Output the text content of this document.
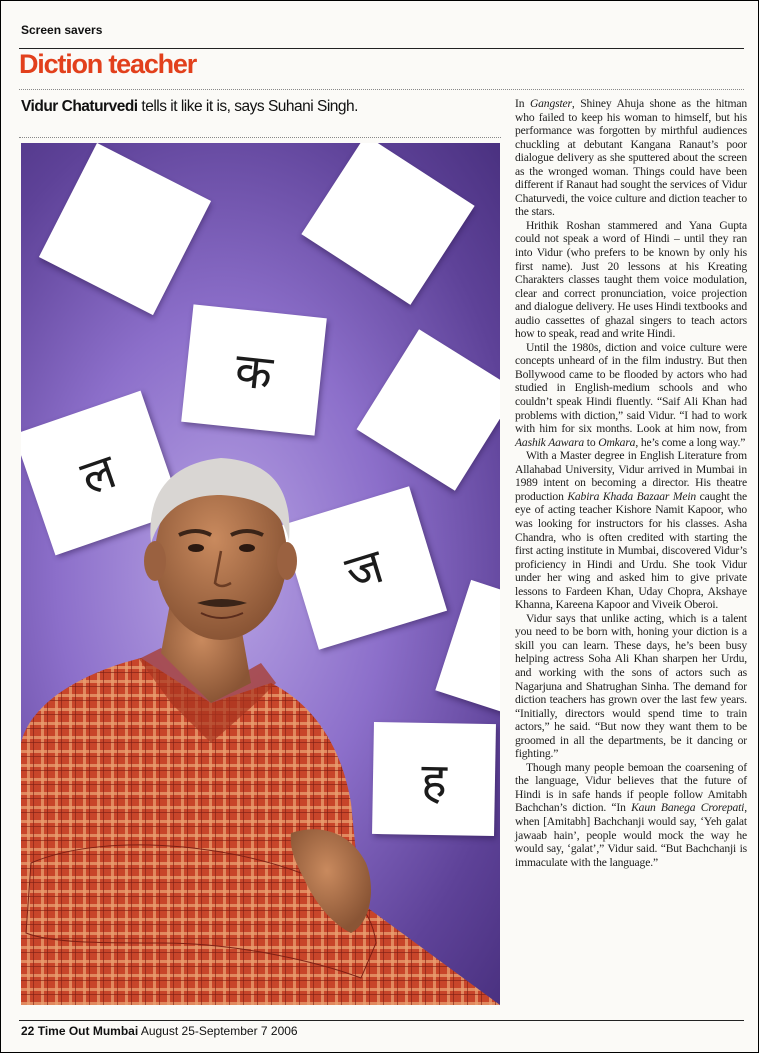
Screen savers
Diction teacher
Vidur Chaturvedi tells it like it is, says Suhani Singh.
क
ल
ज
ह

In Gangster, Shiney Ahuja shone as the hitman who failed to keep his woman to himself, but his performance was forgotten by mirthful audiences chuckling at debutant Kangana Ranaut’s poor dialogue delivery as she sputtered about the screen as the wronged woman. Things could have been different if Ranaut had sought the services of Vidur Chaturvedi, the voice culture and diction teacher to the stars.

Hrithik Roshan stammered and Yana Gupta could not speak a word of Hindi – until they ran into Vidur (who prefers to be known by only his first name). Just 20 lessons at his Kreating Charakters classes taught them voice modulation, clear and correct pronunciation, voice projection and dialogue delivery. He uses Hindi textbooks and audio cassettes of ghazal singers to teach actors how to speak, read and write Hindi.

Until the 1980s, diction and voice culture were concepts unheard of in the film industry. But then Bollywood came to be flooded by actors who had studied in English-medium schools and who couldn’t speak Hindi fluently. “Saif Ali Khan had problems with diction,” said Vidur. “I had to work with him for six months. Look at him now, from Aashik Aawara to Omkara, he’s come a long way.”

With a Master degree in English Literature from Allahabad University, Vidur arrived in Mumbai in 1989 intent on becoming a director. His theatre production Kabira Khada Bazaar Mein caught the eye of acting teacher Kishore Namit Kapoor, who was looking for instructors for his classes. Asha Chandra, who is often credited with starting the first acting institute in Mumbai, discovered Vidur’s proficiency in Hindi and Urdu. She took Vidur under her wing and asked him to give private lessons to Fardeen Khan, Uday Chopra, Akshaye Khanna, Kareena Kapoor and Viveik Oberoi.

Vidur says that unlike acting, which is a talent you need to be born with, honing your diction is a skill you can learn. These days, he’s been busy helping actress Soha Ali Khan sharpen her Urdu, and working with the sons of actors such as Nagarjuna and Shatrughan Sinha. The demand for diction teachers has grown over the last few years. “Initially, directors would spend time to train actors,” he said. “But now they want them to be groomed in all the departments, be it dancing or fighting.”

Though many people bemoan the coarsening of the language, Vidur believes that the future of Hindi is in safe hands if people follow Amitabh Bachchan’s diction. “In Kaun Banega Crorepati, when [Amitabh] Bachchanji would say, ‘Yeh galat jawaab hain’, people would mock the way he would say, ‘galat’,” Vidur said. “But Bachchanji is immaculate with the language.”

22 Time Out Mumbai August 25-September 7 2006
